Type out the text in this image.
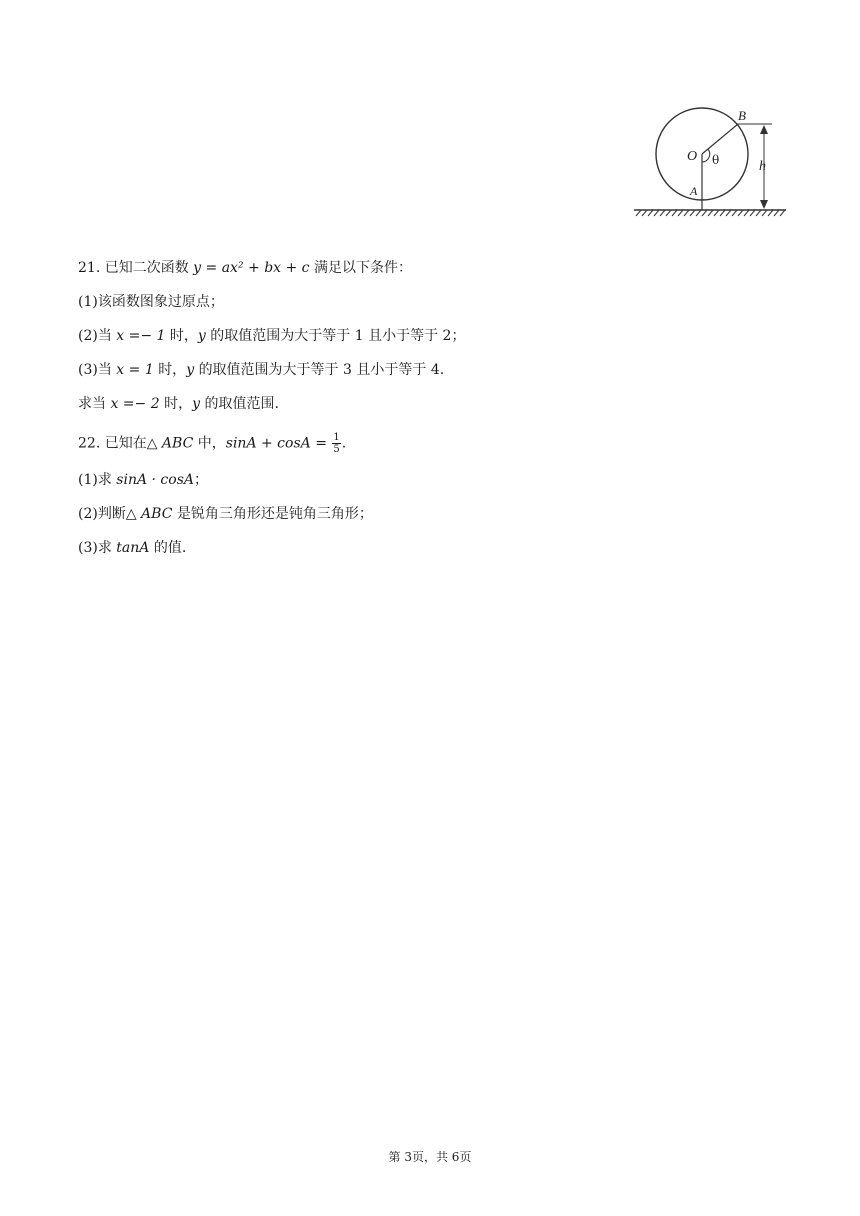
B
O θ
A
h
21. 已知二次函数 y = ax² + bx + c 满足以下条件：
(1)该函数图象过原点；
(2)当 x =− 1 时，y 的取值范围为大于等于 1 且小于等于 2；
(3)当 x = 1 时，y 的取值范围为大于等于 3 且小于等于 4.
求当 x =− 2 时，y 的取值范围.
22. 已知在△ ABC 中，$\sin A + \cos A = \frac{1}{5}$ .
(1)求 sinA · cosA；
(2)判断△ ABC 是锐角三角形还是钝角三角形；
(3)求 tanA 的值.
第 3页，共 6页
